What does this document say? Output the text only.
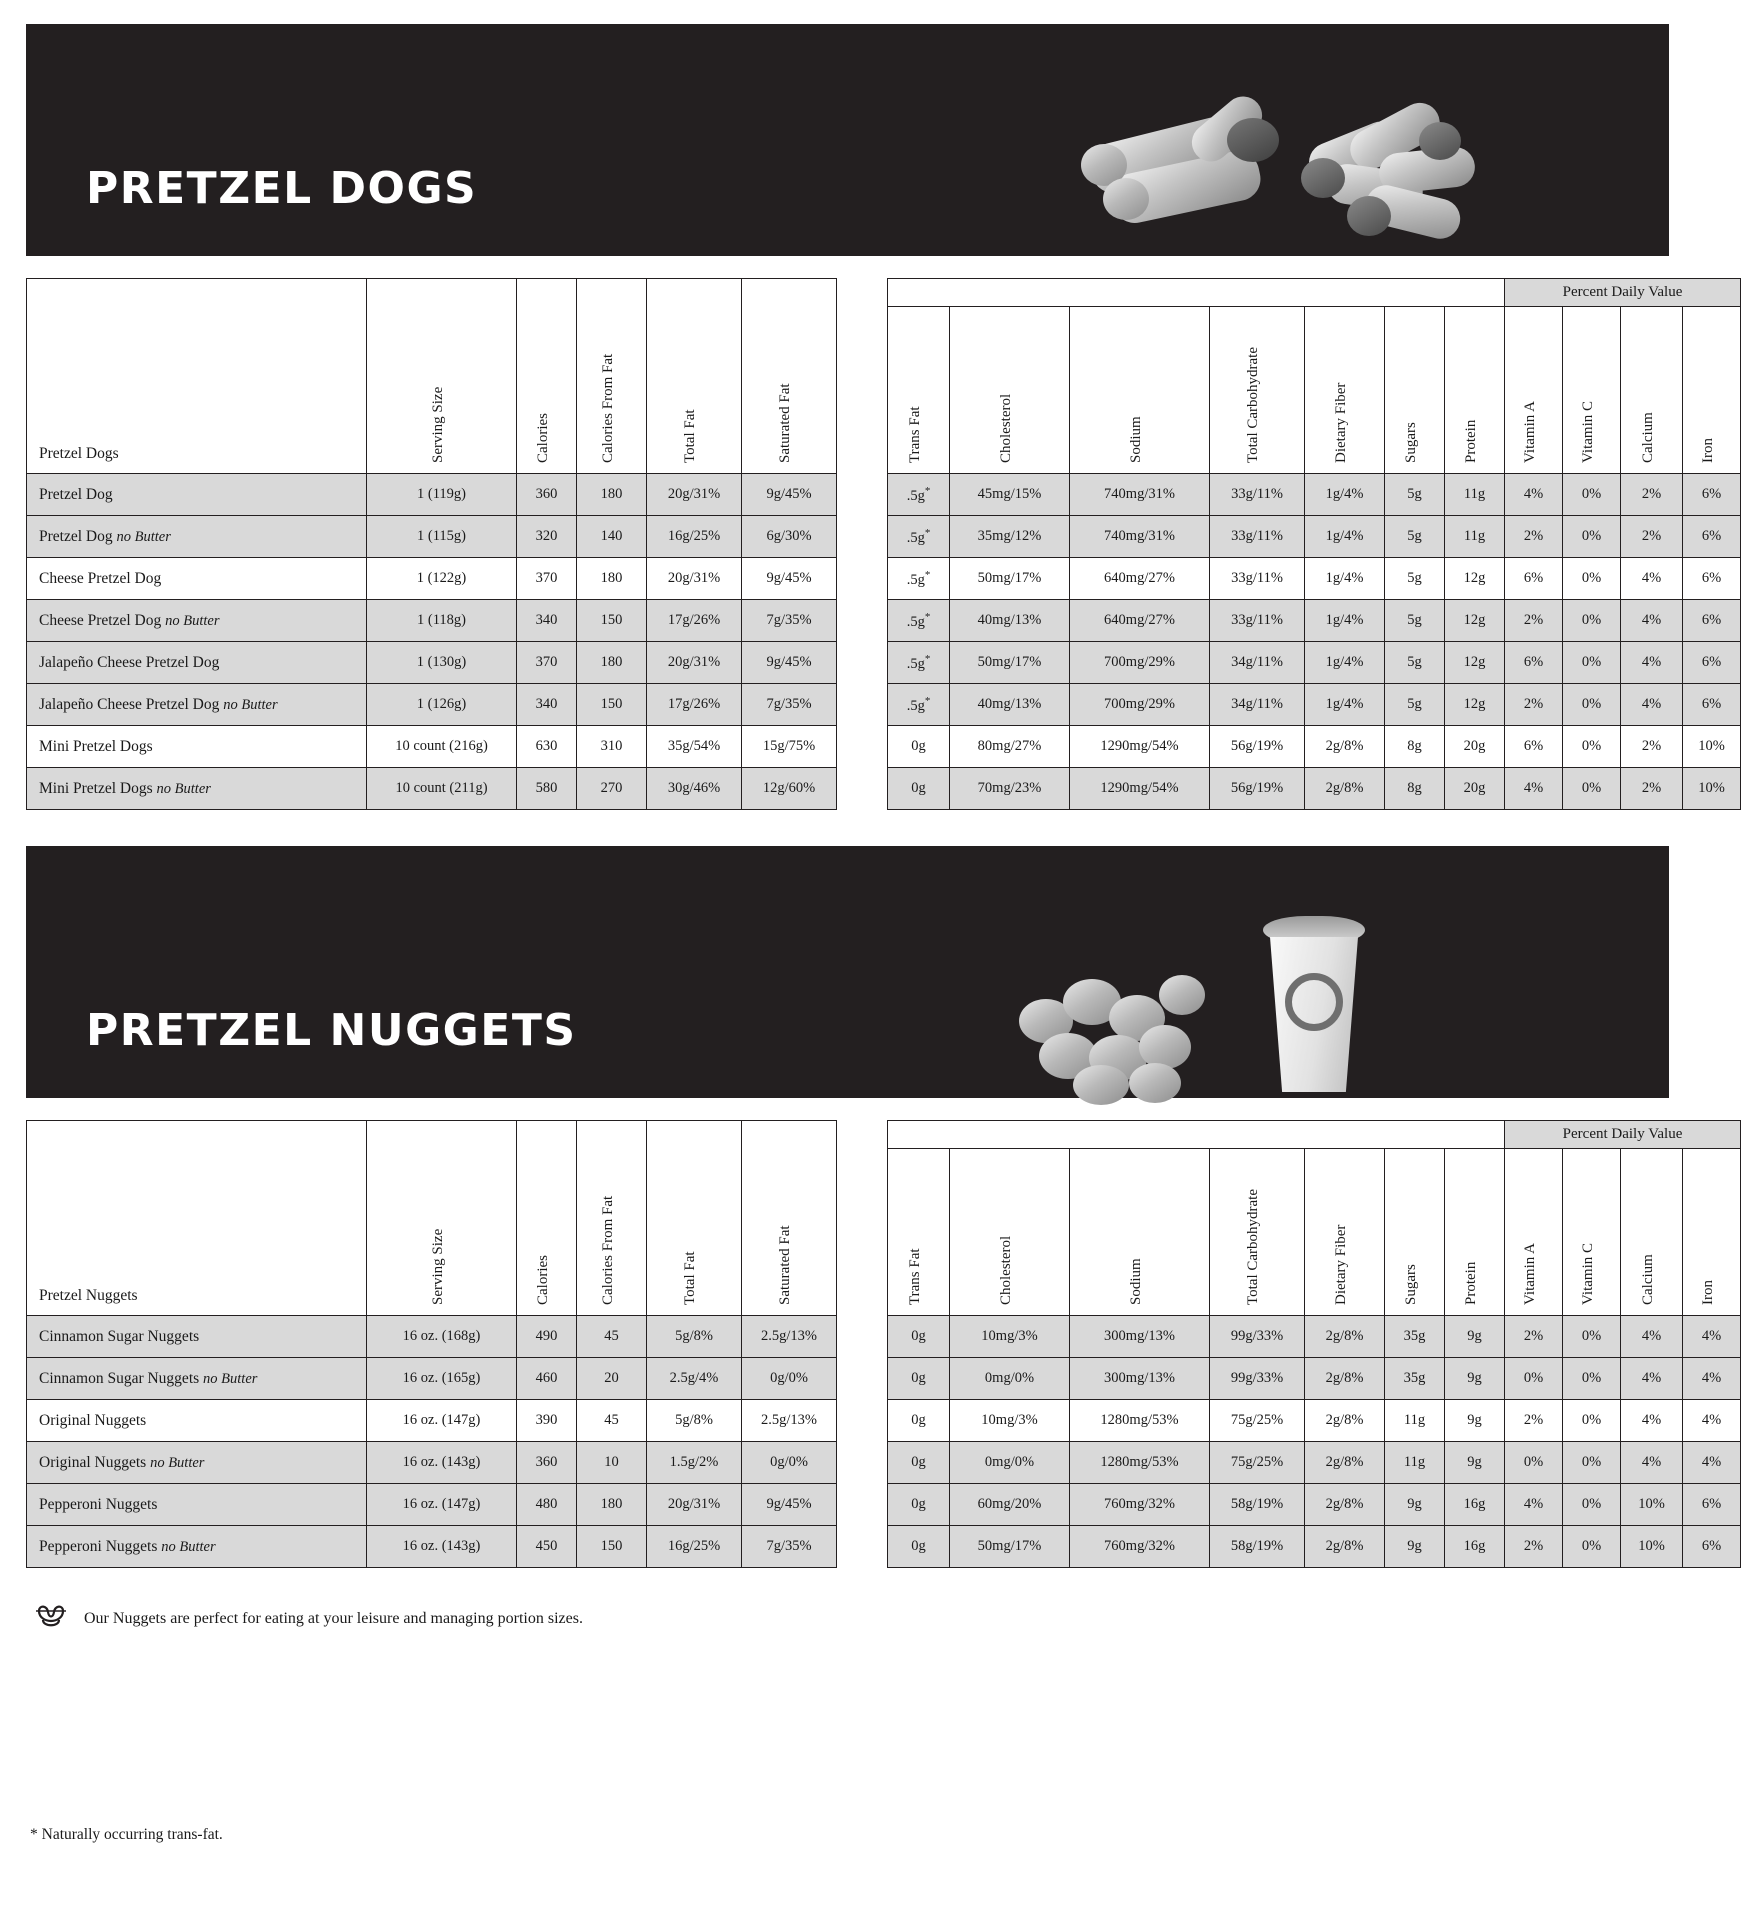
PRETZEL DOGS
Pretzel Dogs	Serving Size	Calories	Calories From Fat	Total Fat	Saturated Fat

Pretzel Dog	1 (119g)	360	180	20g/31%	9g/45%
Pretzel Dog no Butter	1 (115g)	320	140	16g/25%	6g/30%
Cheese Pretzel Dog	1 (122g)	370	180	20g/31%	9g/45%
Cheese Pretzel Dog no Butter	1 (118g)	340	150	17g/26%	7g/35%
Jalapeño Cheese Pretzel Dog	1 (130g)	370	180	20g/31%	9g/45%
Jalapeño Cheese Pretzel Dog no Butter	1 (126g)	340	150	17g/26%	7g/35%
Mini Pretzel Dogs	10 count (216g)	630	310	35g/54%	15g/75%
Mini Pretzel Dogs no Butter	10 count (211g)	580	270	30g/46%	12g/60%
							Percent Daily Value			

Trans Fat	Cholesterol	Sodium	Total Carbohydrate	Dietary Fiber	Sugars	Protein	Vitamin A	Vitamin C	Calcium	Iron

.5g*	45mg/15%	740mg/31%	33g/11%	1g/4%	5g	11g	4%	0%	2%	6%
.5g*	35mg/12%	740mg/31%	33g/11%	1g/4%	5g	11g	2%	0%	2%	6%
.5g*	50mg/17%	640mg/27%	33g/11%	1g/4%	5g	12g	6%	0%	4%	6%
.5g*	40mg/13%	640mg/27%	33g/11%	1g/4%	5g	12g	2%	0%	4%	6%
.5g*	50mg/17%	700mg/29%	34g/11%	1g/4%	5g	12g	6%	0%	4%	6%
.5g*	40mg/13%	700mg/29%	34g/11%	1g/4%	5g	12g	2%	0%	4%	6%
0g	80mg/27%	1290mg/54%	56g/19%	2g/8%	8g	20g	6%	0%	2%	10%
0g	70mg/23%	1290mg/54%	56g/19%	2g/8%	8g	20g	4%	0%	2%	10%
PRETZEL NUGGETS
Pretzel Nuggets	Serving Size	Calories	Calories From Fat	Total Fat	Saturated Fat

Cinnamon Sugar Nuggets	16 oz. (168g)	490	45	5g/8%	2.5g/13%
Cinnamon Sugar Nuggets no Butter	16 oz. (165g)	460	20	2.5g/4%	0g/0%
Original Nuggets	16 oz. (147g)	390	45	5g/8%	2.5g/13%
Original Nuggets no Butter	16 oz. (143g)	360	10	1.5g/2%	0g/0%
Pepperoni Nuggets	16 oz. (147g)	480	180	20g/31%	9g/45%
Pepperoni Nuggets no Butter	16 oz. (143g)	450	150	16g/25%	7g/35%
							Percent Daily Value			

Trans Fat	Cholesterol	Sodium	Total Carbohydrate	Dietary Fiber	Sugars	Protein	Vitamin A	Vitamin C	Calcium	Iron

0g	10mg/3%	300mg/13%	99g/33%	2g/8%	35g	9g	2%	0%	4%	4%
0g	0mg/0%	300mg/13%	99g/33%	2g/8%	35g	9g	0%	0%	4%	4%
0g	10mg/3%	1280mg/53%	75g/25%	2g/8%	11g	9g	2%	0%	4%	4%
0g	0mg/0%	1280mg/53%	75g/25%	2g/8%	11g	9g	0%	0%	4%	4%
0g	60mg/20%	760mg/32%	58g/19%	2g/8%	9g	16g	4%	0%	10%	6%
0g	50mg/17%	760mg/32%	58g/19%	2g/8%	9g	16g	2%	0%	10%	6%
Our Nuggets are perfect for eating at your leisure and managing portion sizes.
* Naturally occurring trans-fat.
